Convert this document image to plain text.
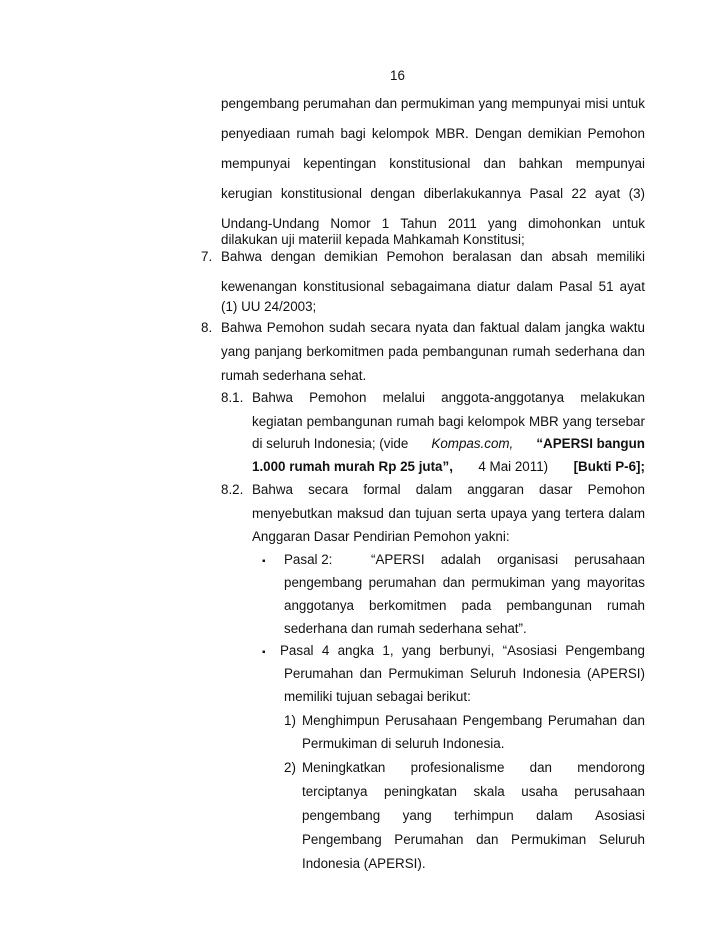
16
pengembang perumahan dan permukiman yang mempunyai misi untuk
penyediaan rumah bagi kelompok MBR. Dengan demikian Pemohon
mempunyai kepentingan konstitusional dan bahkan mempunyai
kerugian konstitusional dengan diberlakukannya Pasal 22 ayat (3)
Undang-Undang Nomor 1 Tahun 2011 yang dimohonkan untuk
dilakukan uji materiil kepada Mahkamah Konstitusi;
7. Bahwa dengan demikian Pemohon beralasan dan absah memiliki
kewenangan konstitusional sebagaimana diatur dalam Pasal 51 ayat
(1) UU 24/2003;
8. Bahwa Pemohon sudah secara nyata dan faktual dalam jangka waktu
yang panjang berkomitmen pada pembangunan rumah sederhana dan
rumah sederhana sehat.
8.1. Bahwa Pemohon melalui anggota-anggotanya melakukan
kegiatan pembangunan rumah bagi kelompok MBR yang tersebar
di seluruh Indonesia; (vide Kompas.com, “APERSI bangun
1.000 rumah murah Rp 25 juta”, 4 Mai 2011) [Bukti P-6];
8.2. Bahwa secara formal dalam anggaran dasar Pemohon
menyebutkan maksud dan tujuan serta upaya yang tertera dalam
Anggaran Dasar Pendirian Pemohon yakni:
▪ Pasal 2:	“APERSI adalah organisasi perusahaan
pengembang perumahan dan permukiman yang mayoritas
anggotanya berkomitmen pada pembangunan rumah
sederhana dan rumah sederhana sehat”.
▪ Pasal 4 angka 1, yang berbunyi, “Asosiasi Pengembang
Perumahan dan Permukiman Seluruh Indonesia (APERSI)
memiliki tujuan sebagai berikut:
1) Menghimpun Perusahaan Pengembang Perumahan dan
Permukiman di seluruh Indonesia.
2) Meningkatkan profesionalisme dan mendorong
terciptanya peningkatan skala usaha perusahaan
pengembang yang terhimpun dalam Asosiasi
Pengembang Perumahan dan Permukiman Seluruh
Indonesia (APERSI).
